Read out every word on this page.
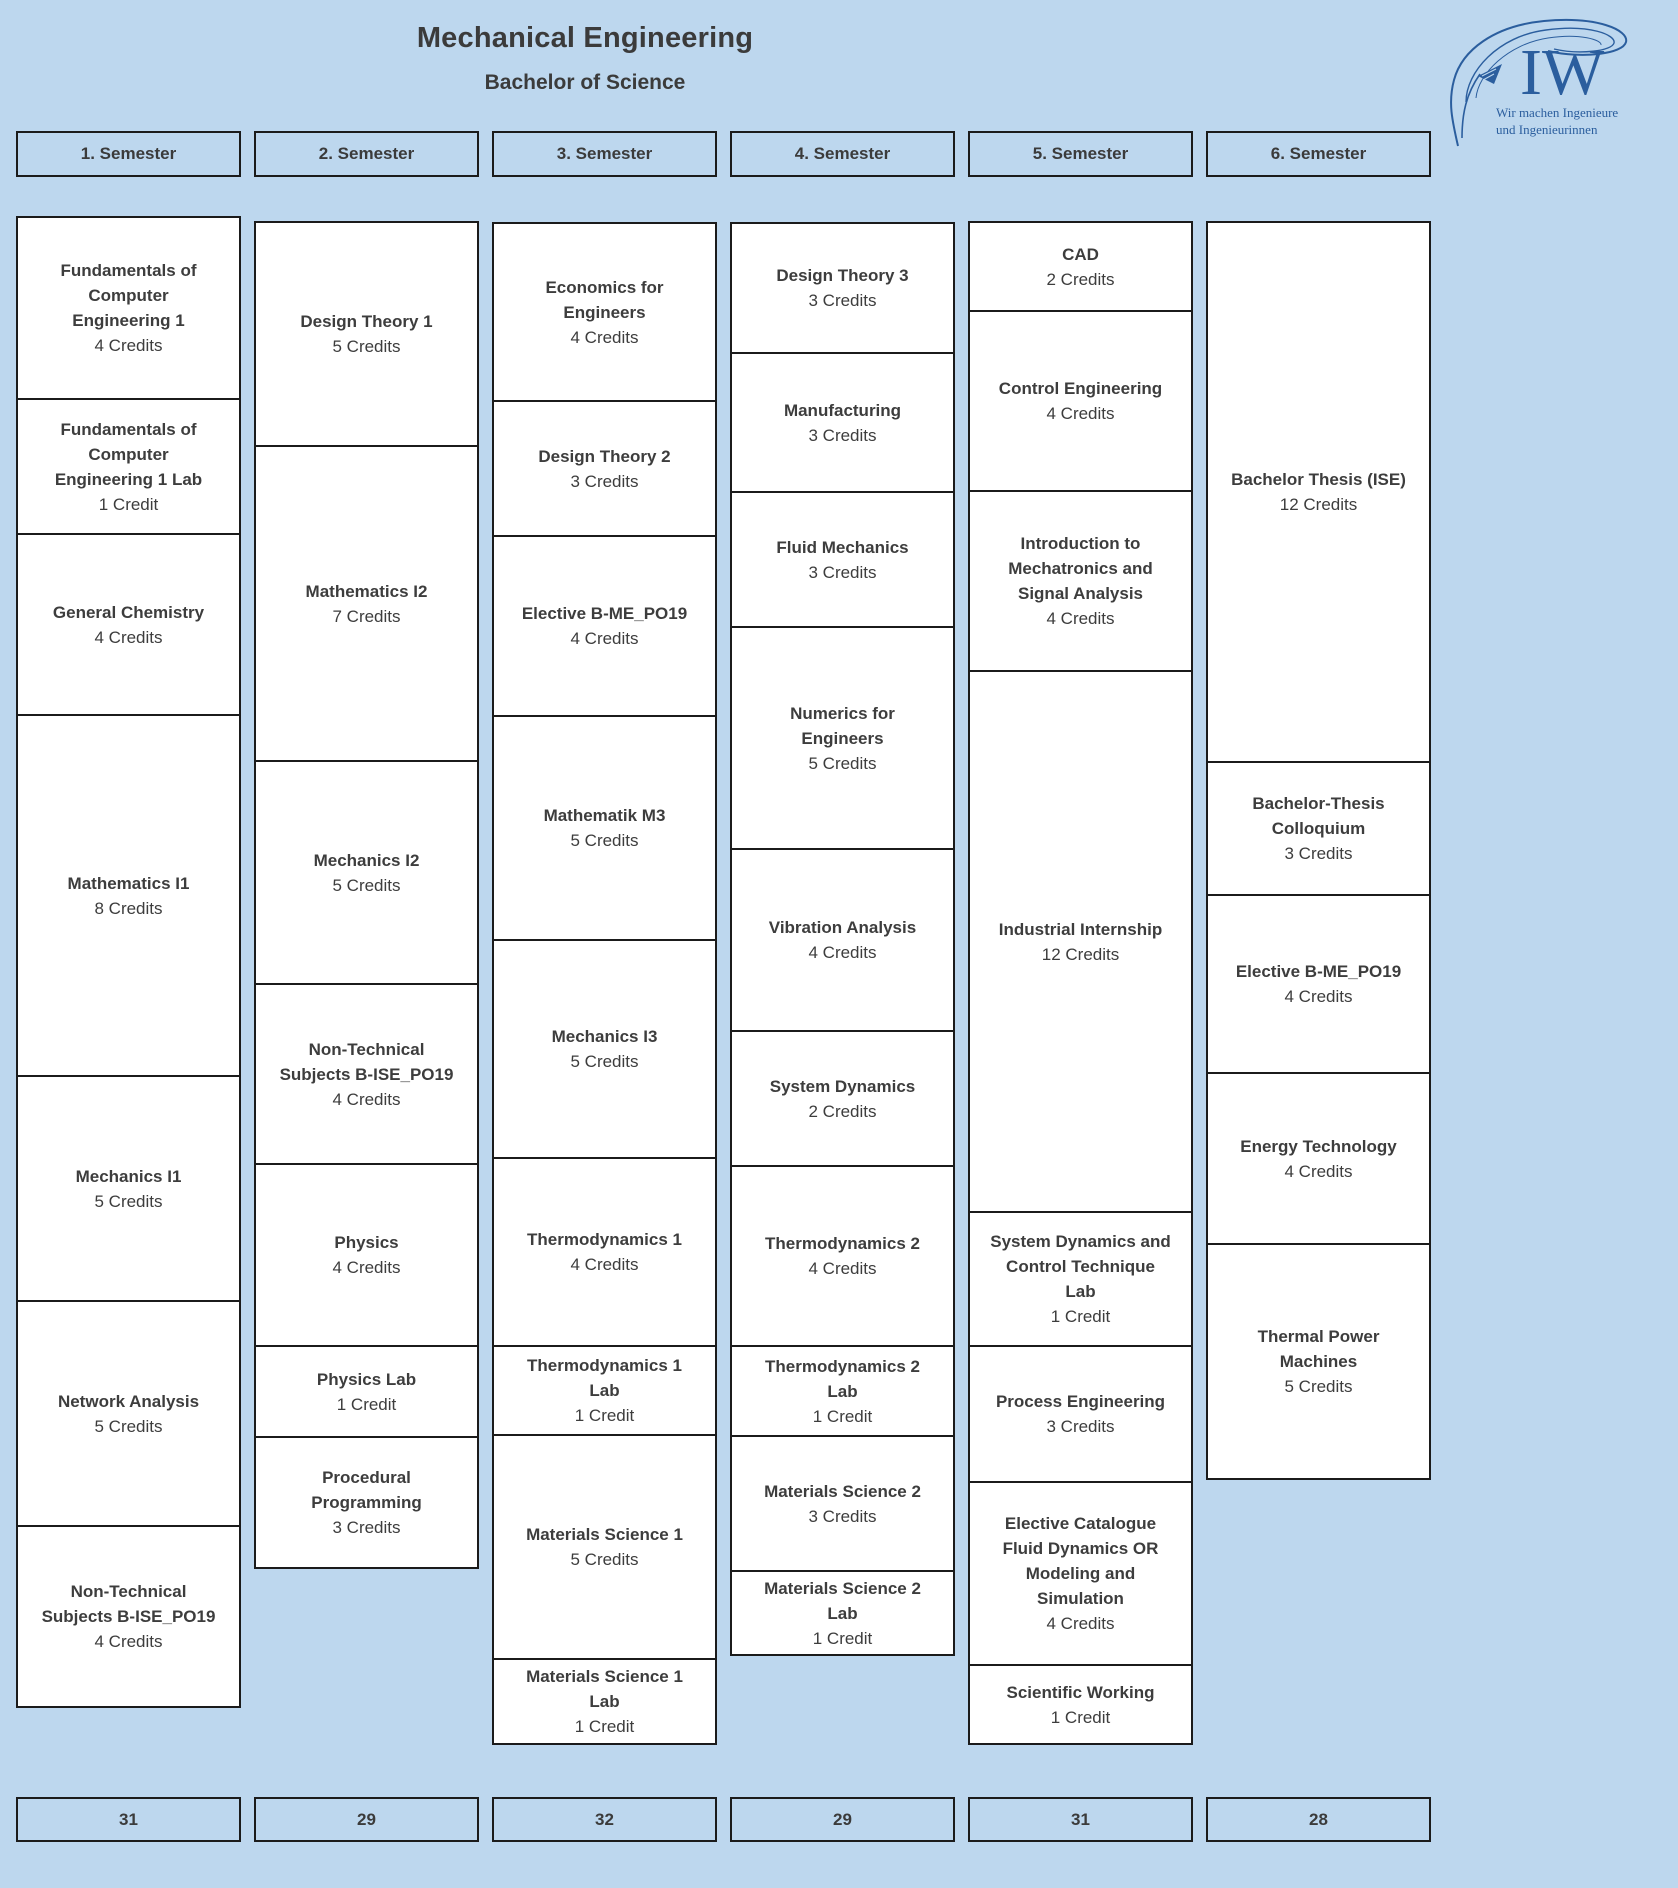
Mechanical Engineering
Bachelor of Science	IW
Wir machen Ingenieure
und Ingenieurinnen
1. Semester
Fundamentals of Computer Engineering 1
4 Credits
Fundamentals of Computer Engineering 1 Lab
1 Credit
General Chemistry
4 Credits
Mathematics I1
8 Credits
Mechanics I1
5 Credits
Network Analysis
5 Credits
Non-Technical Subjects B-ISE_PO19
4 Credits
31
2. Semester
Design Theory 1
5 Credits
Mathematics I2
7 Credits
Mechanics I2
5 Credits
Non-Technical Subjects B-ISE_PO19
4 Credits
Physics
4 Credits
Physics Lab
1 Credit
Procedural Programming
3 Credits
29
3. Semester
Economics for Engineers
4 Credits
Design Theory 2
3 Credits
Elective B-ME_PO19
4 Credits
Mathematik M3
5 Credits
Mechanics I3
5 Credits
Thermodynamics 1
4 Credits
Thermodynamics 1 Lab
1 Credit
Materials Science 1
5 Credits
Materials Science 1 Lab
1 Credit
32
4. Semester
Design Theory 3
3 Credits
Manufacturing
3 Credits
Fluid Mechanics
3 Credits
Numerics for Engineers
5 Credits
Vibration Analysis
4 Credits
System Dynamics
2 Credits
Thermodynamics 2
4 Credits
Thermodynamics 2 Lab
1 Credit
Materials Science 2
3 Credits
Materials Science 2 Lab
1 Credit
29
5. Semester
CAD
2 Credits
Control Engineering
4 Credits
Introduction to Mechatronics and Signal Analysis
4 Credits
Industrial Internship
12 Credits
System Dynamics and Control Technique Lab
1 Credit
Process Engineering
3 Credits
Elective Catalogue Fluid Dynamics OR Modeling and Simulation
4 Credits
Scientific Working
1 Credit
31
6. Semester
Bachelor Thesis (ISE)
12 Credits
Bachelor-Thesis Colloquium
3 Credits
Elective B-ME_PO19
4 Credits
Energy Technology
4 Credits
Thermal Power Machines
5 Credits
28
